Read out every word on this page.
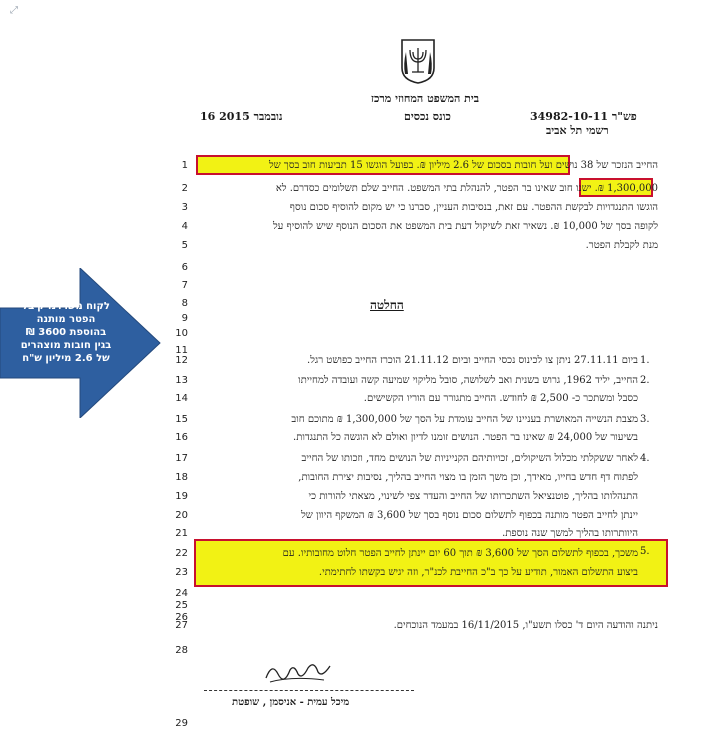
⤢
בית המשפט המחוזי מרכז
פש"ר 34982-10-11
רשמי תל אביב
כונס נכסים
16 נובמבר 2015
1	החייב הנזכר של 38 נושים ועל חובות בסכום של 2.6 מיליון ₪. בפועל הוגשו 15 תביעות חוב בסך של
2	1,300,000 ₪. ישנו חוב שאינו בר הפטר, להנהלת בתי המשפט. החייב שלם תשלומים כסדרם. לא
3	הוגשו התנגדויות לבקשת ההפטר. עם זאת, בנסיבות העניין, סברנו כי יש מקום להוסיף סכום נוסף
4	לקופה בסך של 10,000 ₪. נשאיר זאת לשיקול דעת בית המשפט את הסכום הנוסף שיש להוסיף על
5	מנת לקבלת הפטר.
6
7
8
9
10
11
החלטה
1.
12	ביום 27.11.11 ניתן צו לכינוס נכסי החייב וביום 21.11.12 הוכרז החייב כפושט רגל.
2.
13	החייב, יליד 1962, גרוש בשנית ואב לשלושה, סובל מליקוי שמיעה קשה ועובדה למחייתו
14	כסבל ומשתכר כ- 2,500 ₪ לחודש. החייב מתגורר עם הוריו הקשישים.
3.
15	מצבת הנשייה המאושרת בעניינו של החייב עומדת על הסך של 1,300,000 ₪ מתוכם חוב
16	בשיעור של 24,000 ₪ שאינו בר הפטר. הנושים זומנו לדיון ואולם לא הוגשה כל התנגדות.
4.
17	לאחר ששקלתי מכלול השיקולים, זכויותיהם הקנייניות של הנושים מחד, וזכותו של החייב
18	לפתוח דף חדש בחייו, מאידך, וכן משך הזמן בו מצוי החייב בהליך, נסיבות יצירת החובות,
19	התנהלותו בהליך, פוטנציאל השתכרותו של החייב והעדר צפי לשינוי, מצאתי להורות כי
20	יינתן לחייב הפטר מותנה בכפוף לתשלום סכום נוסף בסך של 3,600 ₪ המשקף היוון של
21	היוותרותו בהליך למשך שנה נוספת.
5.
22	משכך, בכפוף לתשלום הסך של 3,600 ₪ תוך 60 יום יינתן לחייב הפטר חלוט מחובותיו. עם
23	ביצוע התשלום האמור, תודיע על כך ב"כ החייבת לכנ"ר, וזה יגיש בקשתו לחתימתי.
24
25
26
28
27
29
ניתנה והודעה היום ד' כסלו תשע"ו, 16/11/2015 במעמד הנוכחים.
מיכל עמית - אניסמן , שופטת
לקוח משרדנו קיבל
הפטר מותנה
בהוספת 3600 ₪
בגין חובות מוצהרים
של 2.6 מיליון ש"ח
